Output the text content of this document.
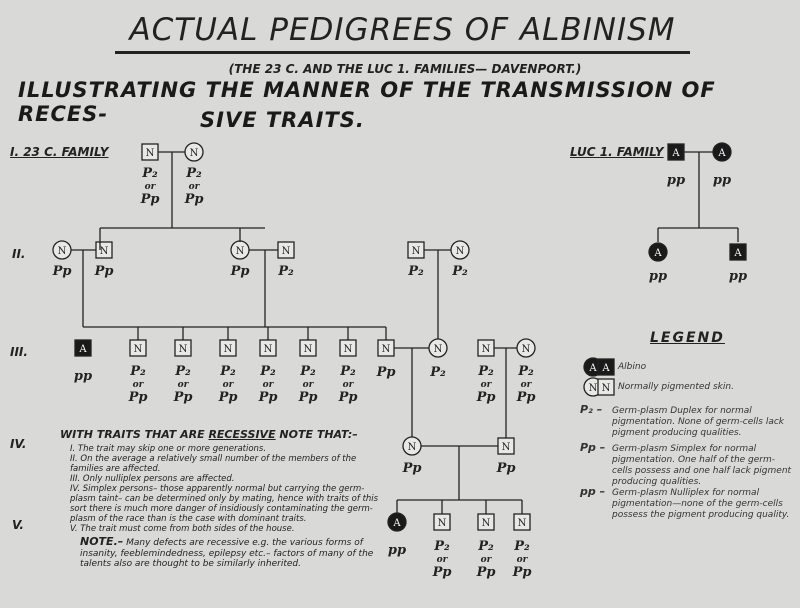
ACTUAL PEDIGREES OF ALBINISM
(THE 23 C. AND THE LUC 1. FAMILIES— DAVENPORT.)
ILLUSTRATING THE MANNER OF THE TRANSMISSION OF RECES-	SIVE TRAITS.
I. 23 C. FAMILY	LUC 1. FAMILY
II.
III.
IV.
V.
N	N
P₂
or
Pp
P₂
or
Pp
N	N
Pp Pp
N	N
Pp P₂
N	N
P₂ P₂
A
pp
N
P₂
or
Pp
N
P₂
or
Pp
N
P₂
or
Pp
N
P₂
or
Pp
N
P₂
or
Pp
N
P₂
or
Pp
N
Pp
N
P₂
N	N
P₂
or
Pp
P₂
or
Pp
N	N
Pp	Pp
A
pp
N
P₂
or
Pp
N
P₂
or
Pp
N
P₂
or
Pp
A	A
pp pp
A	A
pp	pp
A A
N N
LEGEND
Albino
Normally pigmented skin.
P₂ – Germ-plasm Duplex for normal pigmentation. None of germ-cells lack pigment producing qualities.
Pp – Germ-plasm Simplex for normal pigmentation. One half of the germ-cells possess and one half lack pigment producing qualities.
pp – Germ-plasm Nulliplex for normal pigmentation—none of the germ-cells possess the pigment producing quality.
WITH TRAITS THAT ARE RECESSIVE NOTE THAT:–
I. The trait may skip one or more generations.
II. On the average a relatively small number of the members of the families are affected.
III. Only nulliplex persons are affected.
IV. Simplex persons– those apparently normal but carrying the germ-plasm taint– can be determined only by mating, hence with traits of this sort there is much more danger of insidiously contaminating the germ-plasm of the race than is the case with dominant traits.
V. The trait must come from both sides of the house.
NOTE.– Many defects are recessive e.g. the various forms of insanity, feeblemindedness, epilepsy etc.– factors of many of the talents also are thought to be similarly inherited.
